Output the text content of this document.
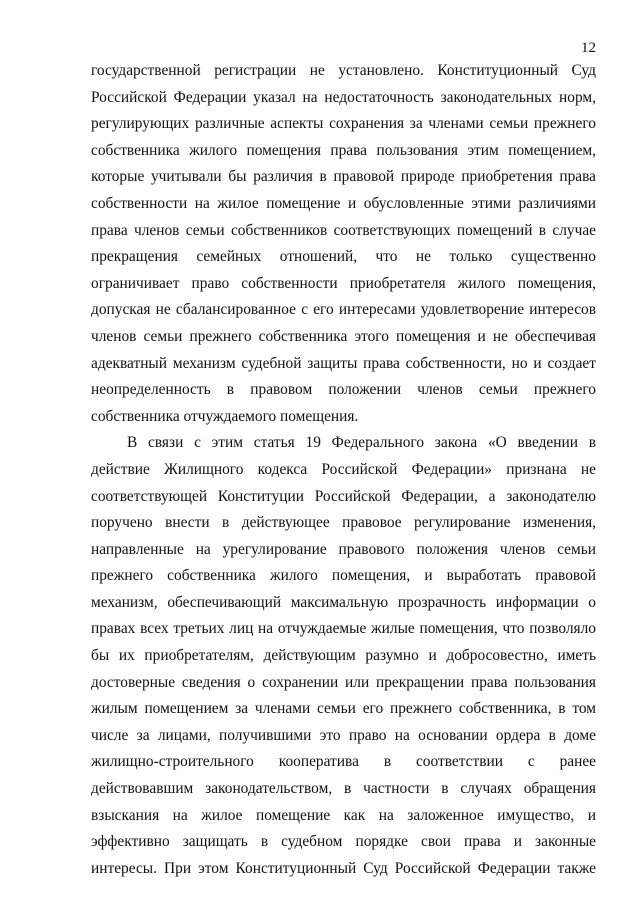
12
государственной регистрации не установлено. Конституционный Суд
Российской Федерации указал на недостаточность законодательных норм,
регулирующих различные аспекты сохранения за членами семьи прежнего
собственника жилого помещения права пользования этим помещением,
которые учитывали бы различия в правовой природе приобретения права
собственности на жилое помещение и обусловленные этими различиями
права членов семьи собственников соответствующих помещений в случае
прекращения семейных отношений, что не только существенно
ограничивает право собственности приобретателя жилого помещения,
допуская не сбалансированное с его интересами удовлетворение интересов
членов семьи прежнего собственника этого помещения и не обеспечивая
адекватный механизм судебной защиты права собственности, но и создает
неопределенность в правовом положении членов семьи прежнего
собственника отчуждаемого помещения.
В связи с этим статья 19 Федерального закона «О введении в
действие Жилищного кодекса Российской Федерации» признана не
соответствующей Конституции Российской Федерации, а законодателю
поручено внести в действующее правовое регулирование изменения,
направленные на урегулирование правового положения членов семьи
прежнего собственника жилого помещения, и выработать правовой
механизм, обеспечивающий максимальную прозрачность информации о
правах всех третьих лиц на отчуждаемые жилые помещения, что позволяло
бы их приобретателям, действующим разумно и добросовестно, иметь
достоверные сведения о сохранении или прекращении права пользования
жилым помещением за членами семьи его прежнего собственника, в том
числе за лицами, получившими это право на основании ордера в доме
жилищно-строительного кооператива в соответствии с ранее
действовавшим законодательством, в частности в случаях обращения
взыскания на жилое помещение как на заложенное имущество, и
эффективно защищать в судебном порядке свои права и законные
интересы. При этом Конституционный Суд Российской Федерации также
